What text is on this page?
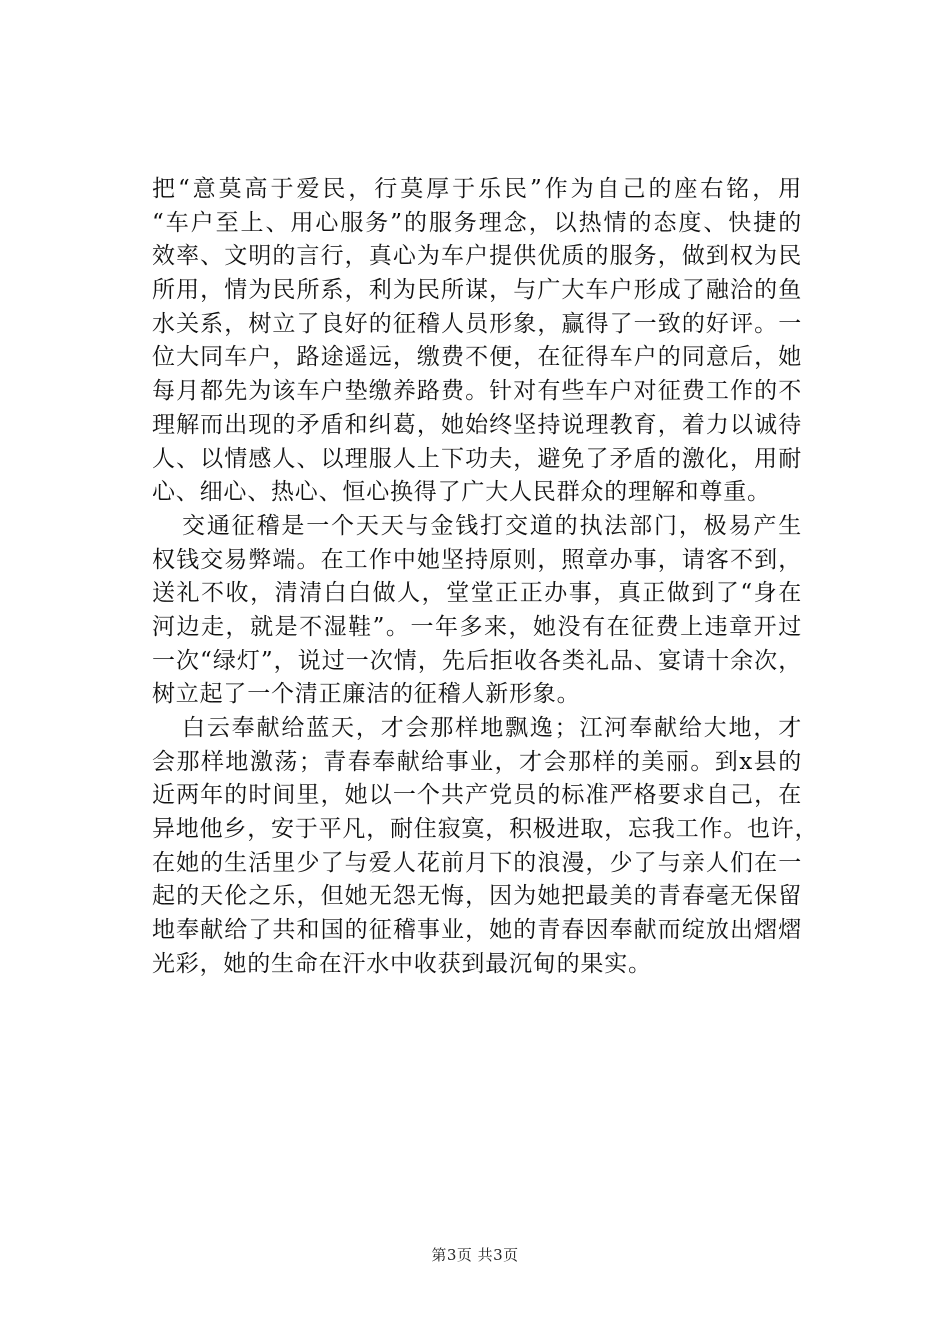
把“意莫高于爱民，行莫厚于乐民”作为自己的座右铭，用
“车户至上、用心服务”的服务理念，以热情的态度、快捷的
效率、文明的言行，真心为车户提供优质的服务，做到权为民
所用，情为民所系，利为民所谋，与广大车户形成了融洽的鱼
水关系，树立了良好的征稽人员形象，赢得了一致的好评。一
位大同车户，路途遥远，缴费不便，在征得车户的同意后，她
每月都先为该车户垫缴养路费。针对有些车户对征费工作的不
理解而出现的矛盾和纠葛，她始终坚持说理教育，着力以诚待
人、以情感人、以理服人上下功夫，避免了矛盾的激化，用耐
心、细心、热心、恒心换得了广大人民群众的理解和尊重。
交通征稽是一个天天与金钱打交道的执法部门，极易产生
权钱交易弊端。在工作中她坚持原则，照章办事，请客不到，
送礼不收，清清白白做人，堂堂正正办事，真正做到了“身在
河边走，就是不湿鞋”。一年多来，她没有在征费上违章开过
一次“绿灯”，说过一次情，先后拒收各类礼品、宴请十余次，
树立起了一个清正廉洁的征稽人新形象。
白云奉献给蓝天，才会那样地飘逸；江河奉献给大地，才
会那样地激荡；青春奉献给事业，才会那样的美丽。到x县的
近两年的时间里，她以一个共产党员的标准严格要求自己，在
异地他乡，安于平凡，耐住寂寞，积极进取，忘我工作。也许，
在她的生活里少了与爱人花前月下的浪漫，少了与亲人们在一
起的天伦之乐，但她无怨无悔，因为她把最美的青春毫无保留
地奉献给了共和国的征稽事业，她的青春因奉献而绽放出熠熠
光彩，她的生命在汗水中收获到最沉甸的果实。
第3页 共3页
